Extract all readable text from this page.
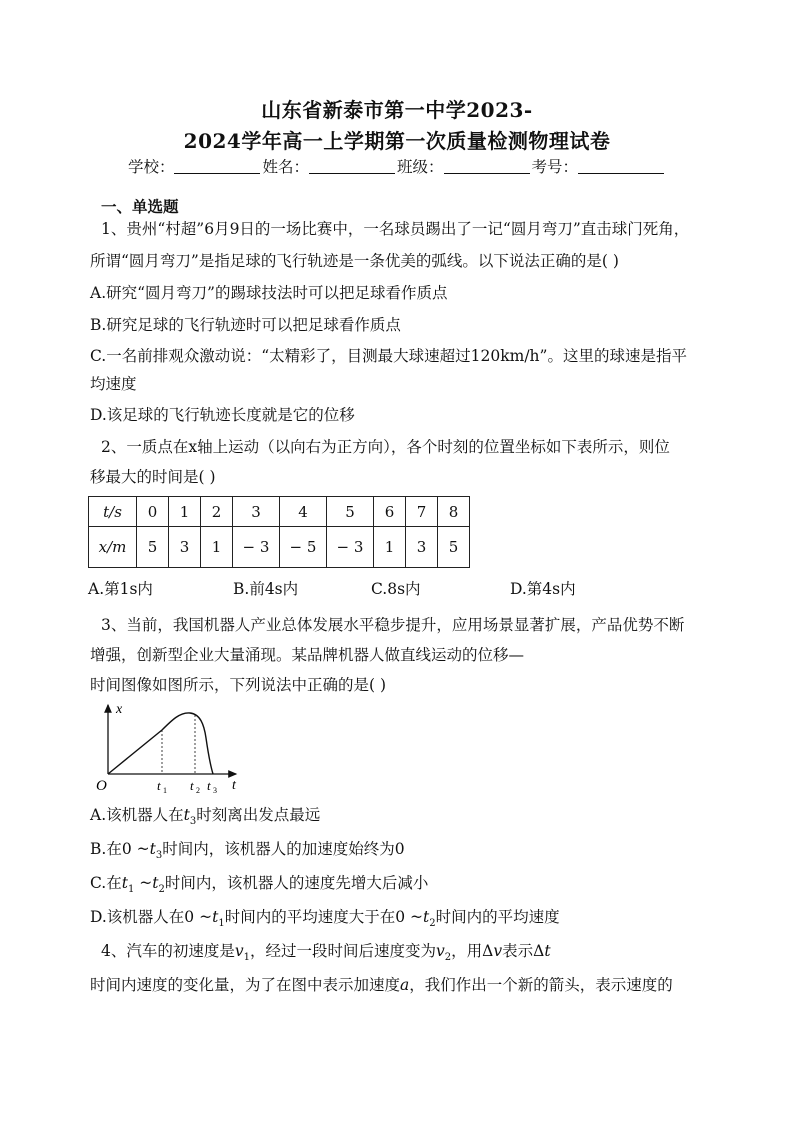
山东省新泰市第一中学2023-
2024学年高一上学期第一次质量检测物理试卷
学校：	姓名：	班级：	考号：
一、单选题
1、贵州“村超”6月9日的一场比赛中，一名球员踢出了一记“圆月弯刀”直击球门死角，
所谓“圆月弯刀”是指足球的飞行轨迹是一条优美的弧线。以下说法正确的是( )
A.研究“圆月弯刀”的踢球技法时可以把足球看作质点
B.研究足球的飞行轨迹时可以把足球看作质点
C.一名前排观众激动说：“太精彩了，目测最大球速超过120km/h”。这里的球速是指平
均速度
D.该足球的飞行轨迹长度就是它的位移
2、一质点在x轴上运动（以向右为正方向），各个时刻的位置坐标如下表所示，则位
移最大的时间是( )
t/s	0	1	2	3	4	5	6	7	8
x/m	5	3	1	− 3	− 5	− 3	1	3	5
A.第1s内	B.前4s内	C.8s内	D.第4s内
3、当前，我国机器人产业总体发展水平稳步提升，应用场景显著扩展，产品优势不断
增强，创新型企业大量涌现。某品牌机器人做直线运动的位移—
时间图像如图所示，下列说法中正确的是( )
x
t
O	t 1 t 2 t 3
A.该机器人在$t_3$时刻离出发点最远
B.在0 $\sim t_3$时间内，该机器人的加速度始终为0
C.在$t_1$ $\sim t_2$时间内，该机器人的速度先增大后减小
D.该机器人在0 $\sim t_1$时间内的平均速度大于在0 $\sim t_2$时间内的平均速度
4、汽车的初速度是$v_1$，经过一段时间后速度变为$v_2$，用Δv表示Δt
时间内速度的变化量，为了在图中表示加速度a，我们作出一个新的箭头，表示速度的
